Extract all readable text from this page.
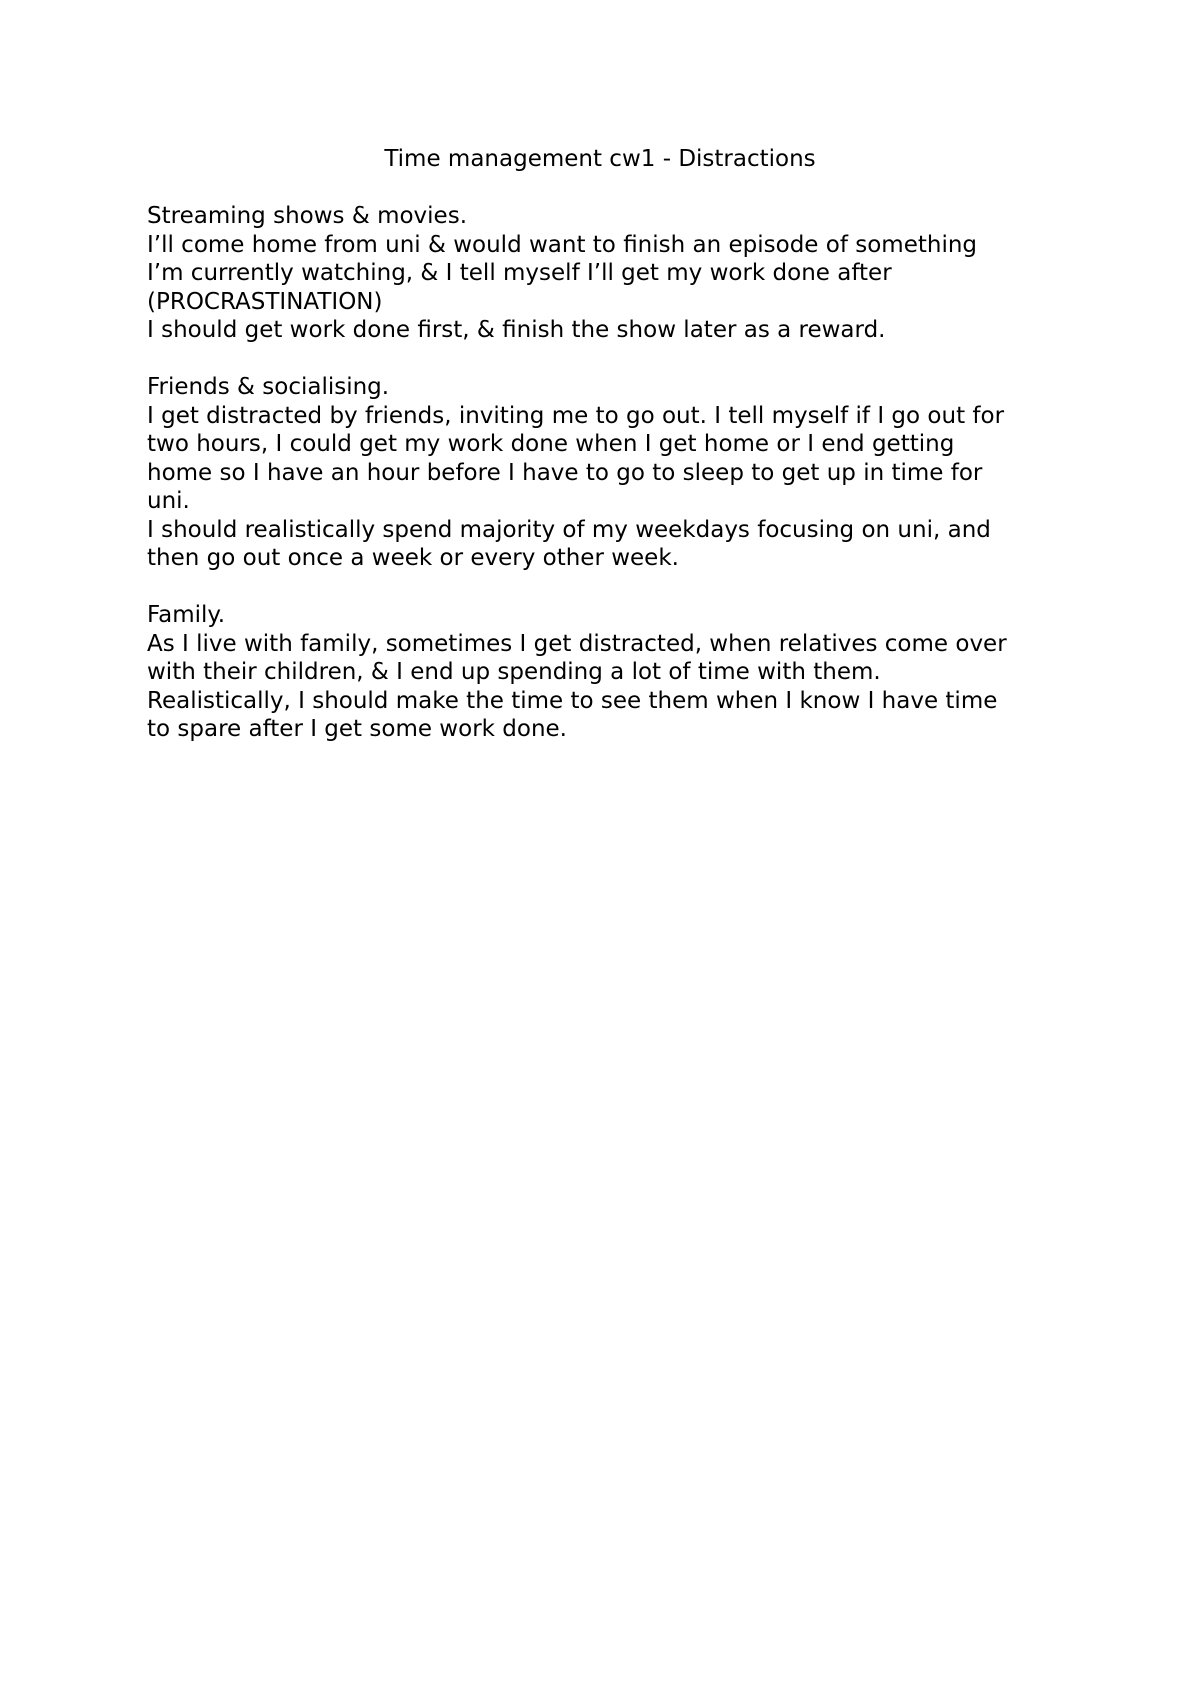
Time management cw1 - Distractions
Streaming shows & movies.
I’ll come home from uni & would want to finish an episode of something
I’m currently watching, & I tell myself I’ll get my work done after
(PROCRASTINATION)
I should get work done first, & finish the show later as a reward.
Friends & socialising.
I get distracted by friends, inviting me to go out. I tell myself if I go out for
two hours, I could get my work done when I get home or I end getting
home so I have an hour before I have to go to sleep to get up in time for
uni.
I should realistically spend majority of my weekdays focusing on uni, and
then go out once a week or every other week.
Family.
As I live with family, sometimes I get distracted, when relatives come over
with their children, & I end up spending a lot of time with them.
Realistically, I should make the time to see them when I know I have time
to spare after I get some work done.
